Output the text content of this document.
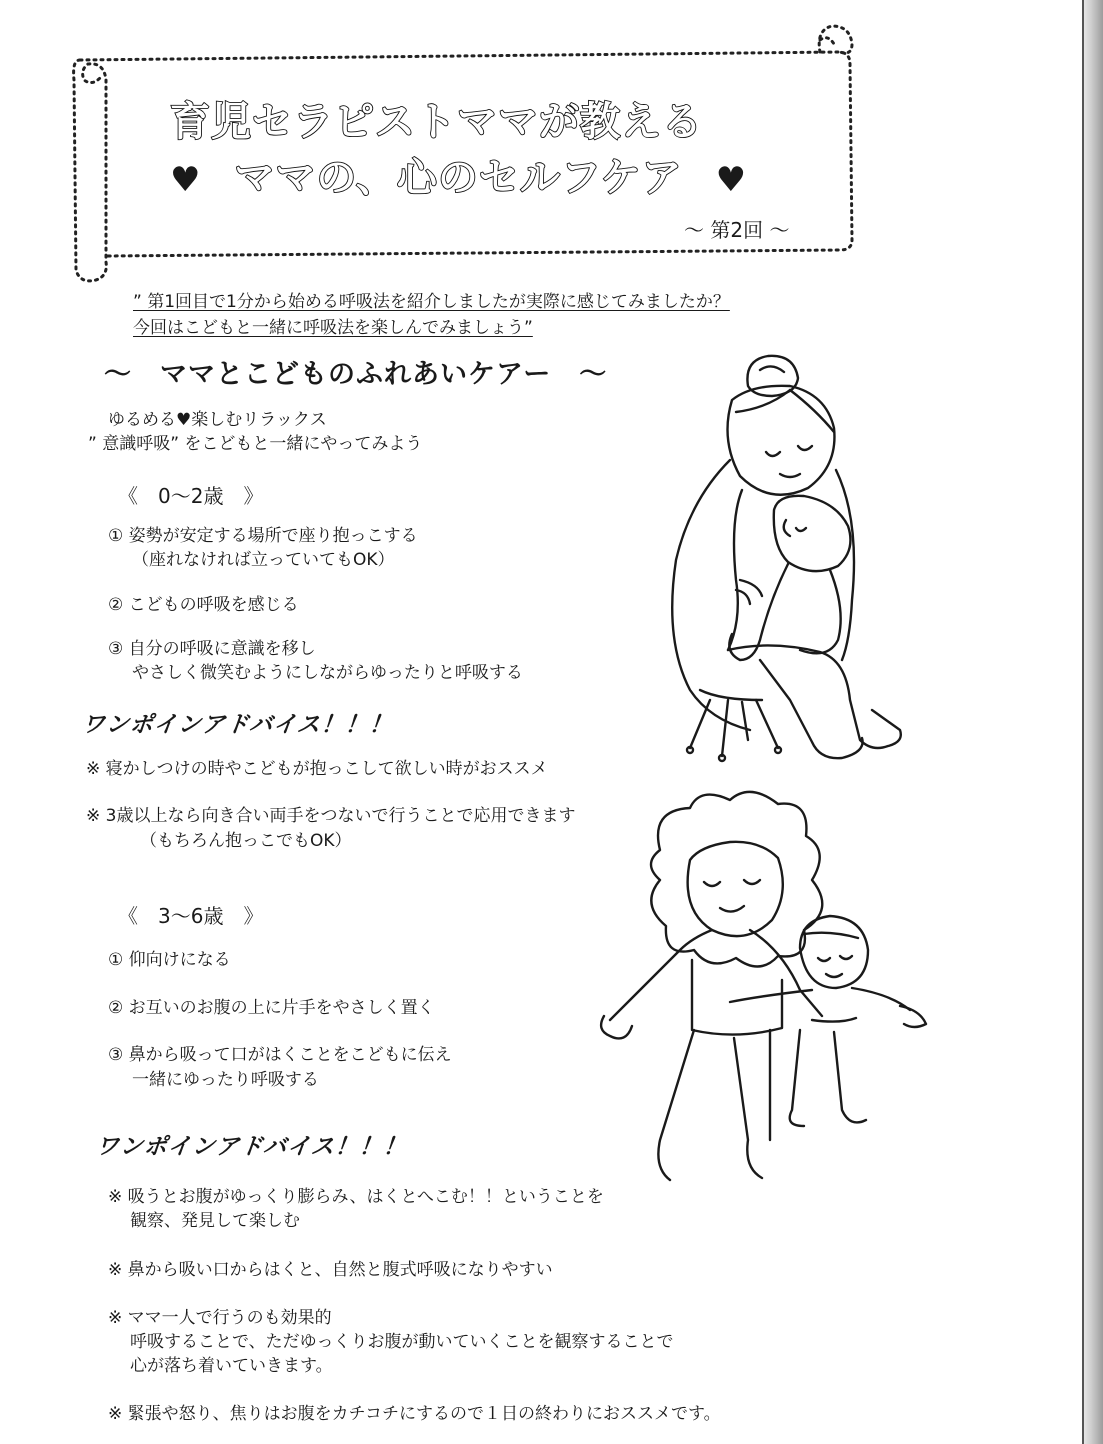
育児セラピストママが教える
♥ ママの、心のセルフケア ♥
～ 第2回 ～
” 第1回目で1分から始める呼吸法を紹介しましたが実際に感じてみましたか？
今回はこどもと一緒に呼吸法を楽しんでみましょう”
～　ママとこどものふれあいケアー　～
ゆるめる♥楽しむリラックス
” 意識呼吸” をこどもと一緒にやってみよう
《　0～2歳　》
① 姿勢が安定する場所で座り抱っこする
（座れなければ立っていてもOK）
② こどもの呼吸を感じる
③ 自分の呼吸に意識を移し
やさしく微笑むようにしながらゆったりと呼吸する
ワンポインアドバイス！！！
※ 寝かしつけの時やこどもが抱っこして欲しい時がおススメ
※ 3歳以上なら向き合い両手をつないで行うことで応用できます
（もちろん抱っこでもOK）
《　3～6歳　》
① 仰向けになる
② お互いのお腹の上に片手をやさしく置く
③ 鼻から吸って口がはくことをこどもに伝え
一緒にゆったり呼吸する
ワンポインアドバイス！！！
※ 吸うとお腹がゆっくり膨らみ、はくとへこむ！！ということを
観察、発見して楽しむ
※ 鼻から吸い口からはくと、自然と腹式呼吸になりやすい
※ ママ一人で行うのも効果的
呼吸することで、ただゆっくりお腹が動いていくことを観察することで
心が落ち着いていきます。
※ 緊張や怒り、焦りはお腹をカチコチにするので１日の終わりにおススメです。
